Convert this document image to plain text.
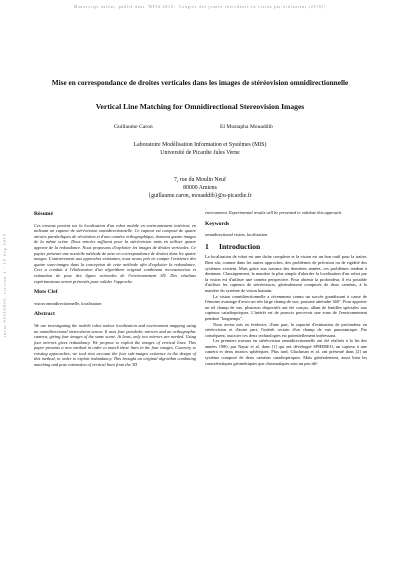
Manuscript auteur, publié dans "RFIA 2010 : Congrès des jeunes chercheurs en vision par ordinateur (2010)"
inria-00516800, version 1 - 10 Sep 2010
Mise en correspondance de droites verticales dans les images de stéréovision omnidirectionnelle
Vertical Line Matching for Omnidirectional Stereovision Images
Guillaume Caron	El Mustapha Mouaddib
Laboratoire Modélisation Information et Systèmes (MIS)
Université de Picardie Jules Verne
7, rue du Moulin Neuf
80000 Amiens
{guillaume.caron, mouaddib}@u-picardie.fr
Résumé

Ces travaux portent sur la localisation d'un robot mobile en environnement intérieur, en utilisant un capteur de stéréovision omnidirectionnelle. Ce capteur est composé de quatre miroirs paraboliques de révolution et d'une caméra orthographique, donnant quatre images de la même scène. Deux miroirs suffisent pour la stéréovision mais en utiliser quatre apporte de la redondance. Nous proposons d'exploiter les images de droites verticales. Ce papier présente une nouvelle méthode de mise en correspondance de droites dans les quatre images. Contrairement aux approches existantes, nous avons pris en compte l'existence des quatre sous-images dans la conception de cette méthode afin d'exploiter la redondance. Ceci a conduit à l'élaboration d'un algorithme original combinant reconstruction et estimation de pose des lignes verticales de l'environnement 3D. Des résultats expérimentaux seront présentés pour valider l'approche.

Mots Clef

vision omnidirectionnelle, localisation

Abstract

We are investigating the mobile robot indoor localization and environment mapping using an omnidirectional stereovision sensor. It uses four parabolic mirrors and an orthographic camera, giving four images of the same scene. At least, only two mirrors are needed. Using four mirrors gives redundancy. We propose to exploit the images of vertical lines. This paper presents a new method in order to match these lines in the four images. Contrary to existing approaches, we took into account the four sub-images existence in the design of this method, in order to exploit redundancy. This brought an original algorithm combining matching and pose estimation of vertical lines from the 3D

environment. Experimental results will be presented to validate this approach.

Keywords

omnidirectional vision, localization

1 Introduction

La localisation de robot est une tâche complexe et la vision est un bon outil pour la traiter. Bien sûr, comme dans les autres approches, des problèmes de précision ou de rigidité des systèmes existent. Mais grâce aux travaux des dernières années, ces problèmes tendent à diminuer. Classiquement, la manière la plus simple d'aborder la localisation d'un robot par la vision est d'utiliser une caméra perspective. Pour obtenir la profondeur, il est possible d'utiliser les capteurs de stéréovision, généralement composés de deux caméras, à la manière du système de vision humain.

La vision omnidirectionnelle a récemment connu un succès grandissant à cause de l'énorme avantage d'avoir un très large champ de vue, pouvant atteindre 360°. Pour apporter un tel champ de vue, plusieurs dispositifs ont été conçus, allant de lentilles spéciales aux capteurs catadioptriques. L'intérêt est de pouvoir percevoir une zone de l'environnement pendant "longtemps".

Nous avons mis en évidence, d'une part, la capacité d'estimation de profondeur en stéréovision et d'autre part, l'intérêt certain d'un champ de vue panoramique. Par conséquent, associer ces deux technologies est potentiellement intéressant.

Les premiers travaux en stéréovision omnidirectionnelle ont été réalisés à la fin des années 1980, par Nayar et al. dans [1] qui ont développé SPHEREO, un capteur à une caméra et deux miroirs sphériques. Plus tard, Gluckman et al. ont présenté dans [2] un système composé de deux caméras catadioptriques. Mais généralement, aussi bien les caractéristiques géométriques que chromatiques sont un peu dif-
